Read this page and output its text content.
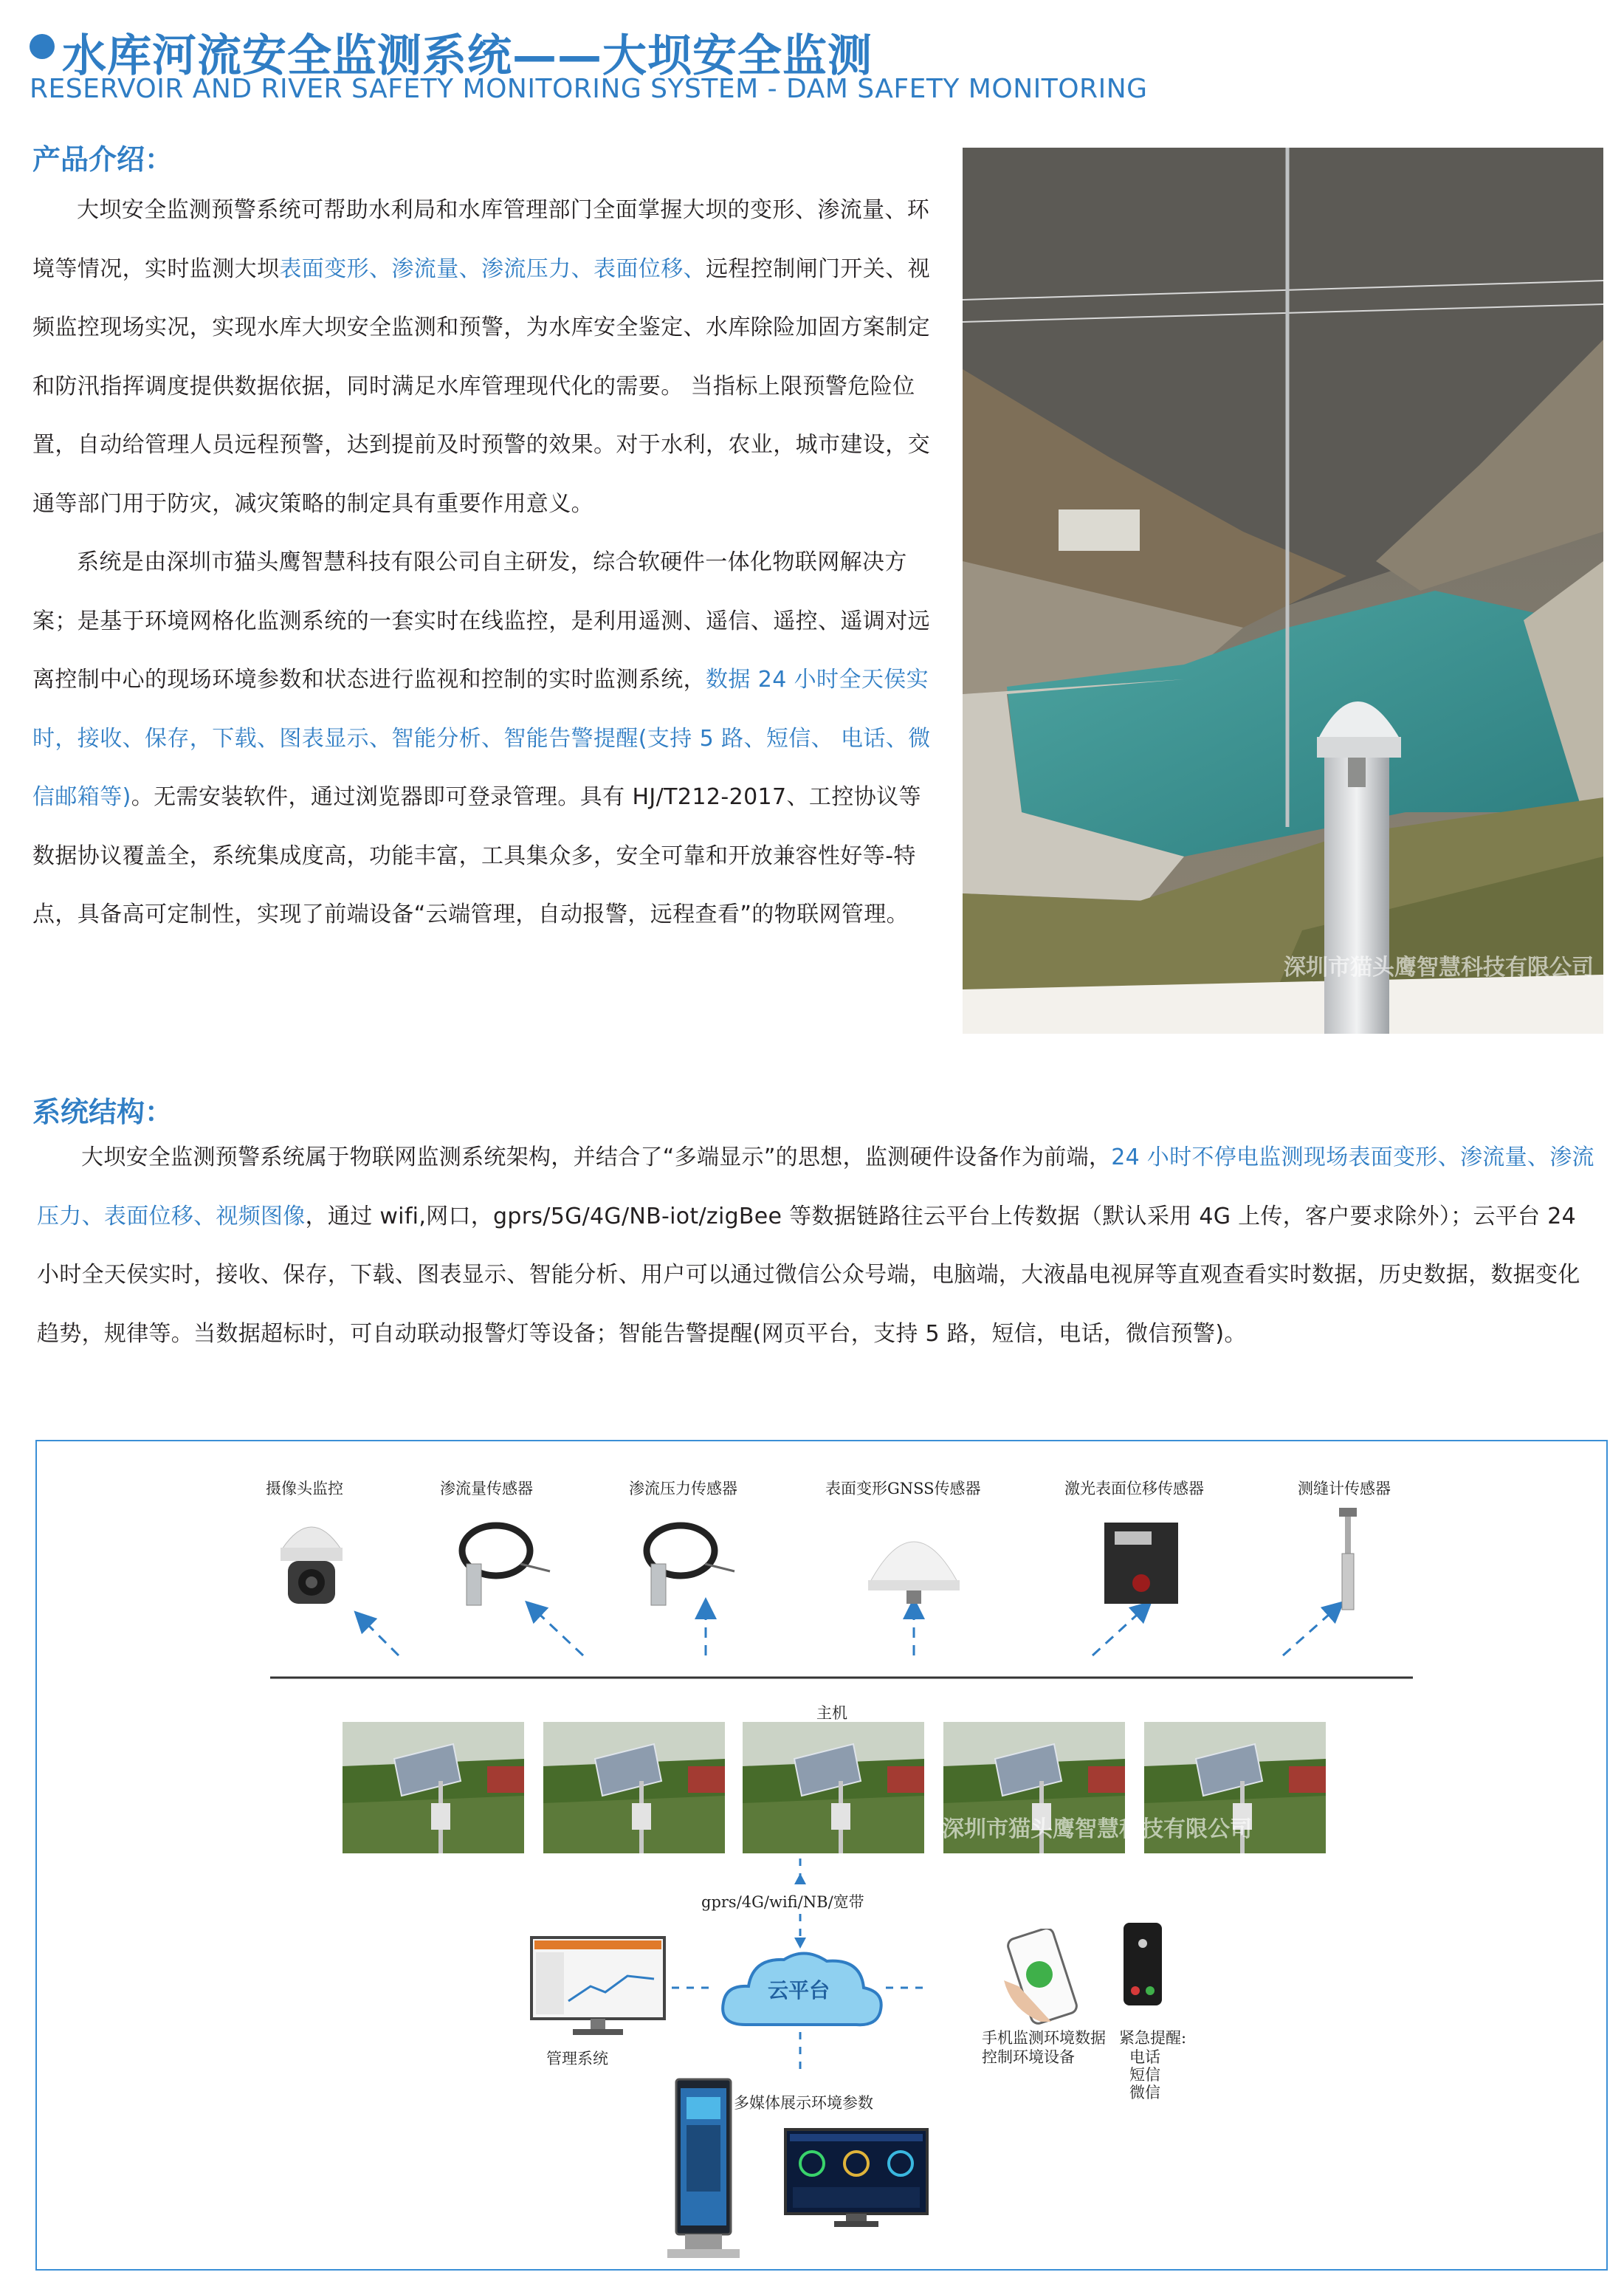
水库河流安全监测系统——大坝安全监测
RESERVOIR AND RIVER SAFETY MONITORING SYSTEM - DAM SAFETY MONITORING
产品介绍：

大坝安全监测预警系统可帮助水利局和水库管理部门全面掌握大坝的变形、渗流量、环境等情况，实时监测大坝表面变形、渗流量、渗流压力、表面位移、远程控制闸门开关、视频监控现场实况，实现水库大坝安全监测和预警，为水库安全鉴定、水库除险加固方案制定和防汛指挥调度提供数据依据，同时满足水库管理现代化的需要。 当指标上限预警危险位置，自动给管理人员远程预警，达到提前及时预警的效果。对于水利，农业，城市建设，交通等部门用于防灾，减灾策略的制定具有重要作用意义。

系统是由深圳市猫头鹰智慧科技有限公司自主研发，综合软硬件一体化物联网解决方案；是基于环境网格化监测系统的一套实时在线监控，是利用遥测、遥信、遥控、遥调对远离控制中心的现场环境参数和状态进行监视和控制的实时监测系统，数据 24 小时全天侯实时，接收、保存，下载、图表显示、智能分析、智能告警提醒(支持 5 路、短信、 电话、微信邮箱等)。无需安装软件，通过浏览器即可登录管理。具有 HJ/T212-2017、工控协议等数据协议覆盖全，系统集成度高，功能丰富，工具集众多，安全可靠和开放兼容性好等-特点，具备高可定制性，实现了前端设备“云端管理，自动报警，远程查看”的物联网管理。

深圳市猫头鹰智慧科技有限公司
系统结构：

大坝安全监测预警系统属于物联网监测系统架构，并结合了“多端显示”的思想，监测硬件设备作为前端，24 小时不停电监测现场表面变形、渗流量、渗流压力、表面位移、视频图像，通过 wifi,网口，gprs/5G/4G/NB-iot/zigBee 等数据链路往云平台上传数据（默认采用 4G 上传，客户要求除外）；云平台 24 小时全天侯实时，接收、保存，下载、图表显示、智能分析、用户可以通过微信公众号端，电脑端，大液晶电视屏等直观查看实时数据，历史数据，数据变化趋势，规律等。当数据超标时，可自动联动报警灯等设备；智能告警提醒(网页平台，支持 5 路，短信，电话，微信预警)。

摄像头监控	渗流量传感器	渗流压力传感器	表面变形GNSS传感器	激光表面位移传感器	测缝计传感器
主机
深圳市猫头鹰智慧科技有限公司
gprs/4G/wifi/NB/宽带
云平台
管理系统
手机监测环境数据
控制环境设备
紧急提醒:
电话
短信
微信
多媒体展示环境参数
